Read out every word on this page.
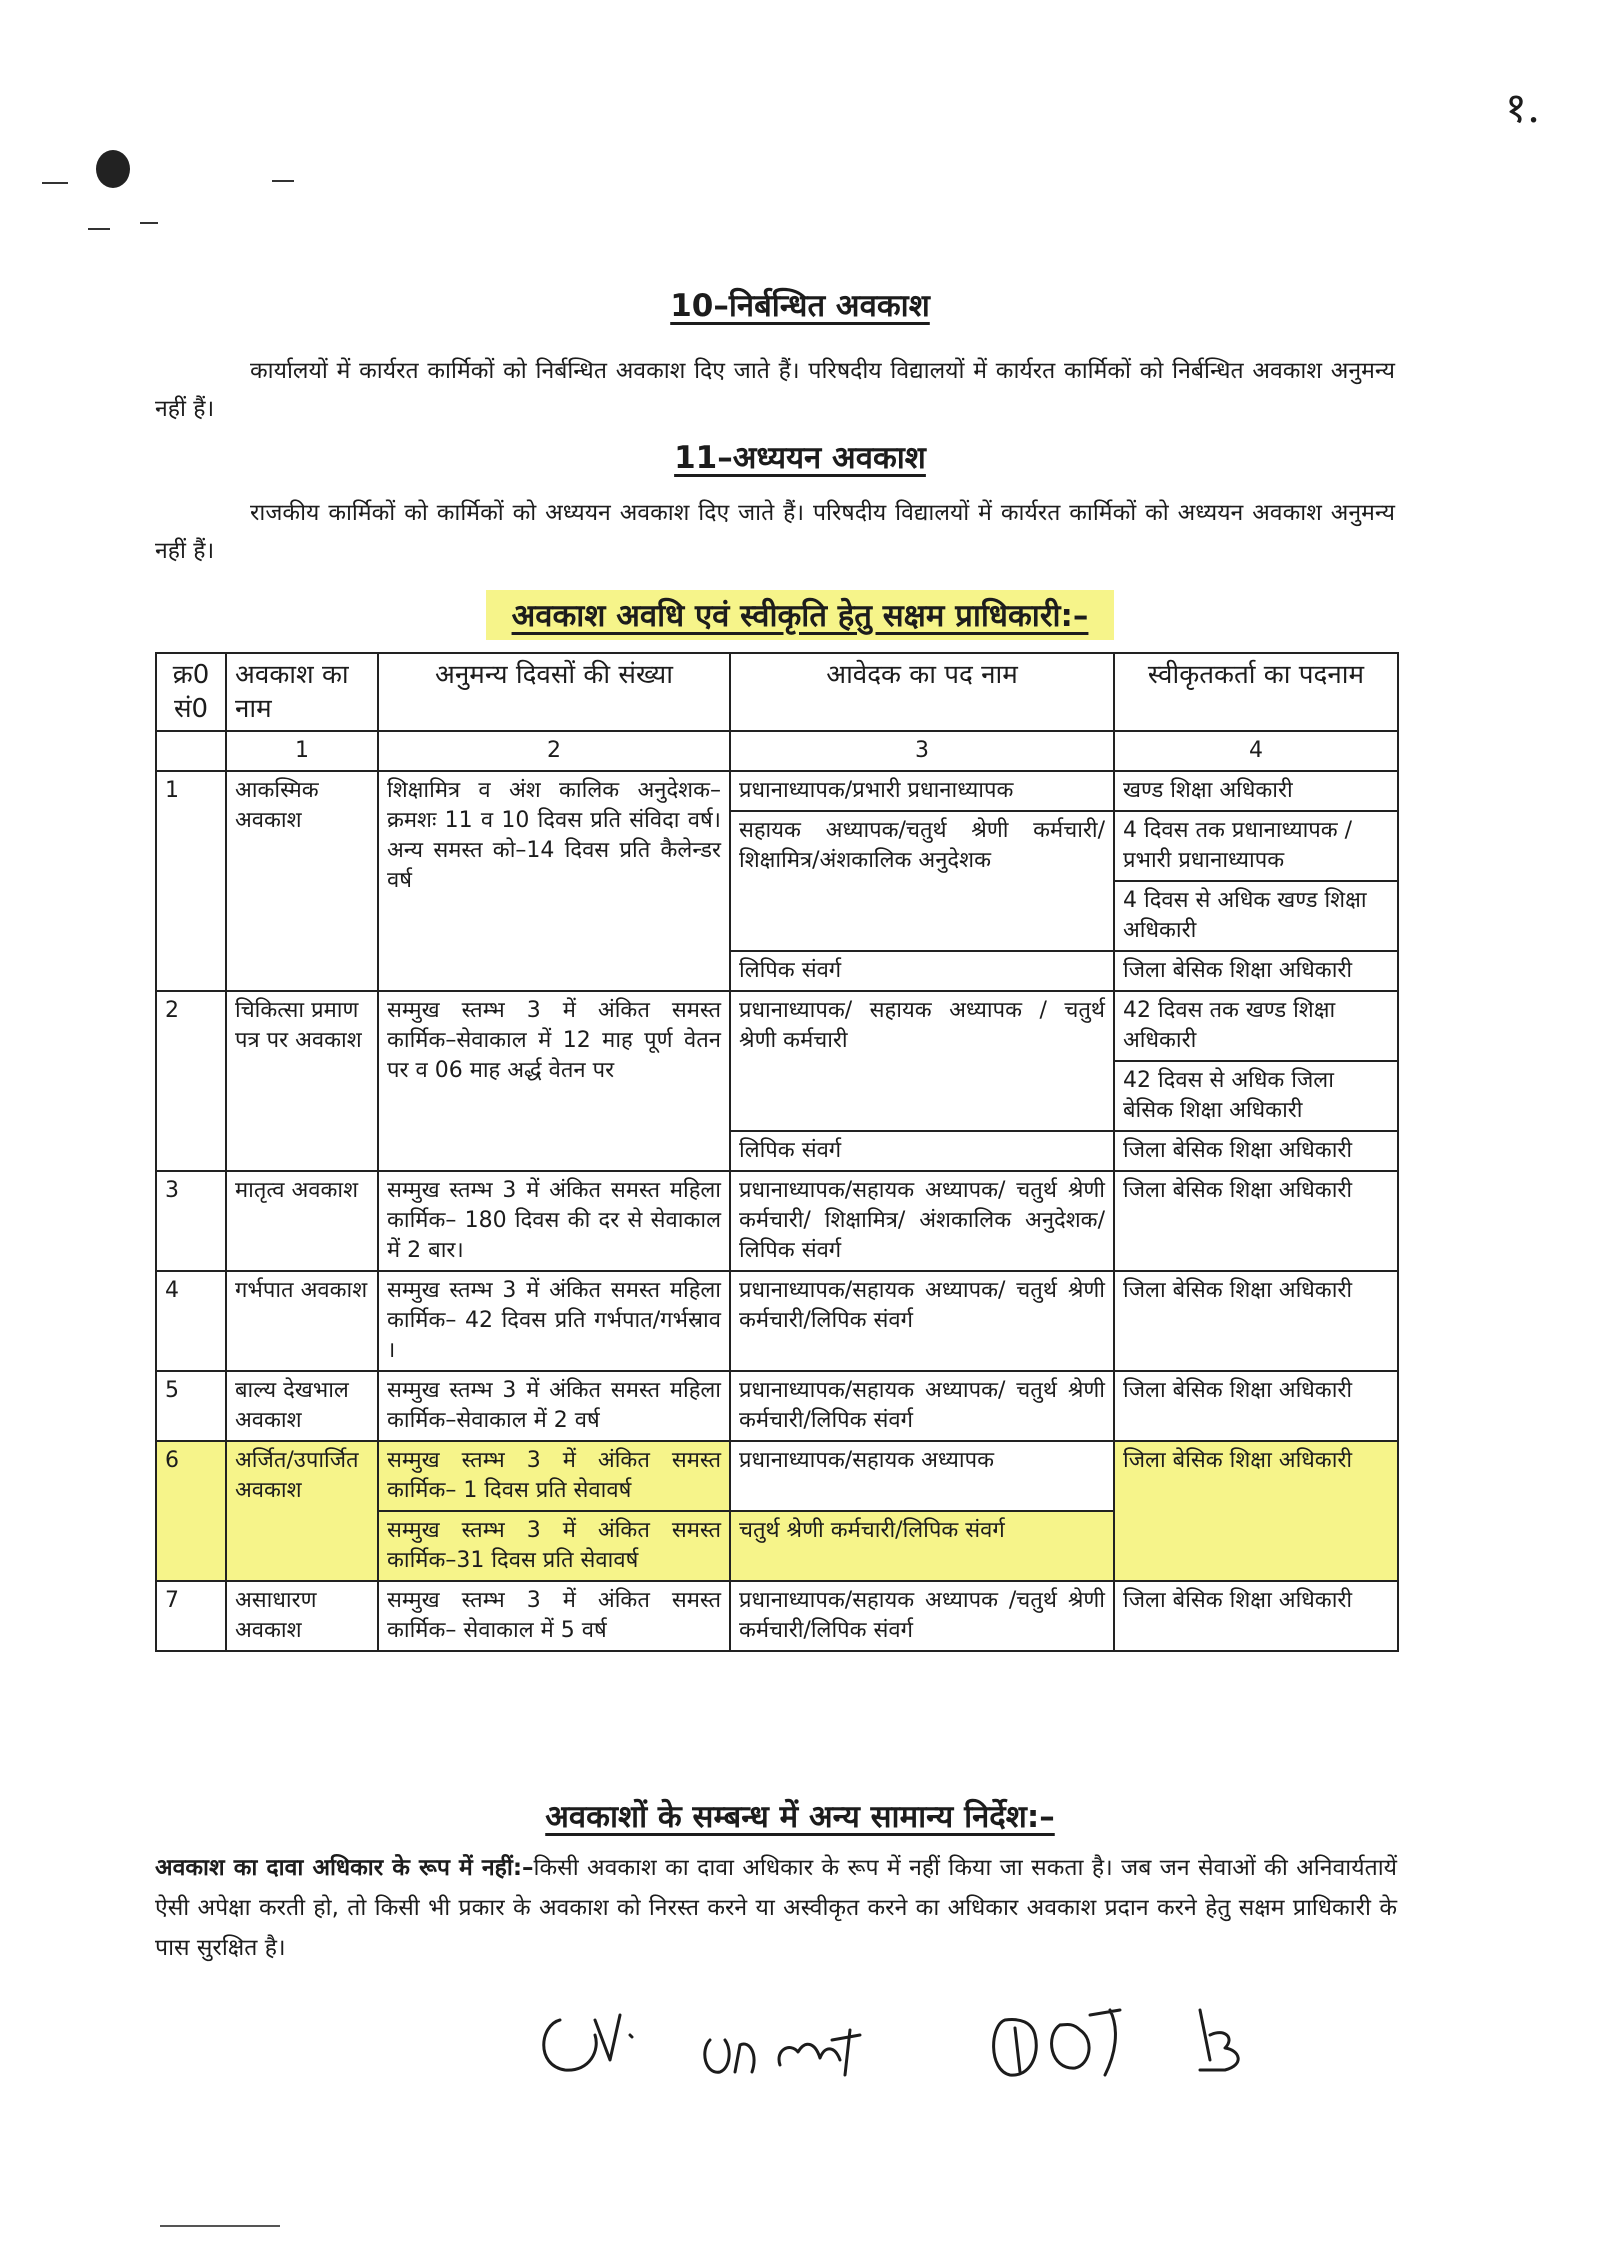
१.
10–निर्बन्धित अवकाश
कार्यालयों में कार्यरत कार्मिकों को निर्बन्धित अवकाश दिए जाते हैं। परिषदीय विद्यालयों में कार्यरत कार्मिकों को निर्बन्धित अवकाश अनुमन्य नहीं हैं।
11–अध्ययन अवकाश
राजकीय कार्मिकों को कार्मिकों को अध्ययन अवकाश दिए जाते हैं। परिषदीय विद्यालयों में कार्यरत कार्मिकों को अध्ययन अवकाश अनुमन्य नहीं हैं।
अवकाश अवधि एवं स्वीकृति हेतु सक्षम प्राधिकारी:–
क्र0 सं0	अवकाश का नाम	अनुमन्य दिवसों की संख्या	आवेदक का पद नाम	स्वीकृतकर्ता का पदनाम
	1	2	3	4
1	आकस्मिक अवकाश	शिक्षामित्र व अंश कालिक अनुदेशक–क्रमशः 11 व 10 दिवस प्रति संविदा वर्ष। अन्य समस्त को–14 दिवस प्रति कैलेन्डर वर्ष	प्रधानाध्यापक/प्रभारी प्रधानाध्यापक	खण्ड शिक्षा अधिकारी
			सहायक अध्यापक/चतुर्थ श्रेणी कर्मचारी/शिक्षामित्र/अंशकालिक अनुदेशक	4 दिवस तक प्रधानाध्यापक /प्रभारी प्रधानाध्यापक
				4 दिवस से अधिक खण्ड शिक्षा अधिकारी
			लिपिक संवर्ग	जिला बेसिक शिक्षा अधिकारी
2	चिकित्सा प्रमाण पत्र पर अवकाश	सम्मुख स्तम्भ 3 में अंकित समस्त कार्मिक–सेवाकाल में 12 माह पूर्ण वेतन पर व 06 माह अर्द्ध वेतन पर	प्रधानाध्यापक/ सहायक अध्यापक / चतुर्थ श्रेणी कर्मचारी	42 दिवस तक खण्ड शिक्षा अधिकारी
				42 दिवस से अधिक जिला बेसिक शिक्षा अधिकारी
			लिपिक संवर्ग	जिला बेसिक शिक्षा अधिकारी
3	मातृत्व अवकाश	सम्मुख स्तम्भ 3 में अंकित समस्त महिला कार्मिक– 180 दिवस की दर से सेवाकाल में 2 बार।	प्रधानाध्यापक/सहायक अध्यापक/ चतुर्थ श्रेणी कर्मचारी/ शिक्षामित्र/ अंशकालिक अनुदेशक/लिपिक संवर्ग	जिला बेसिक शिक्षा अधिकारी
4	गर्भपात अवकाश	सम्मुख स्तम्भ 3 में अंकित समस्त महिला कार्मिक– 42 दिवस प्रति गर्भपात/गर्भस्राव ।	प्रधानाध्यापक/सहायक अध्यापक/ चतुर्थ श्रेणी कर्मचारी/लिपिक संवर्ग	जिला बेसिक शिक्षा अधिकारी
5	बाल्य देखभाल अवकाश	सम्मुख स्तम्भ 3 में अंकित समस्त महिला कार्मिक–सेवाकाल में 2 वर्ष	प्रधानाध्यापक/सहायक अध्यापक/ चतुर्थ श्रेणी कर्मचारी/लिपिक संवर्ग	जिला बेसिक शिक्षा अधिकारी
6	अर्जित/उपार्जित अवकाश	सम्मुख स्तम्भ 3 में अंकित समस्त कार्मिक– 1 दिवस प्रति सेवावर्ष	प्रधानाध्यापक/सहायक अध्यापक	जिला बेसिक शिक्षा अधिकारी
		सम्मुख स्तम्भ 3 में अंकित समस्त कार्मिक–31 दिवस प्रति सेवावर्ष	चतुर्थ श्रेणी कर्मचारी/लिपिक संवर्ग	
7	असाधारण अवकाश	सम्मुख स्तम्भ 3 में अंकित समस्त कार्मिक– सेवाकाल में 5 वर्ष	प्रधानाध्यापक/सहायक अध्यापक /चतुर्थ श्रेणी कर्मचारी/लिपिक संवर्ग	जिला बेसिक शिक्षा अधिकारी
अवकाशों के सम्बन्ध में अन्य सामान्य निर्देश:–
अवकाश का दावा अधिकार के रूप में नहीं:–किसी अवकाश का दावा अधिकार के रूप में नहीं किया जा सकता है। जब जन सेवाओं की अनिवार्यतायें ऐसी अपेक्षा करती हो, तो किसी भी प्रकार के अवकाश को निरस्त करने या अस्वीकृत करने का अधिकार अवकाश प्रदान करने हेतु सक्षम प्राधिकारी के पास सुरक्षित है।
